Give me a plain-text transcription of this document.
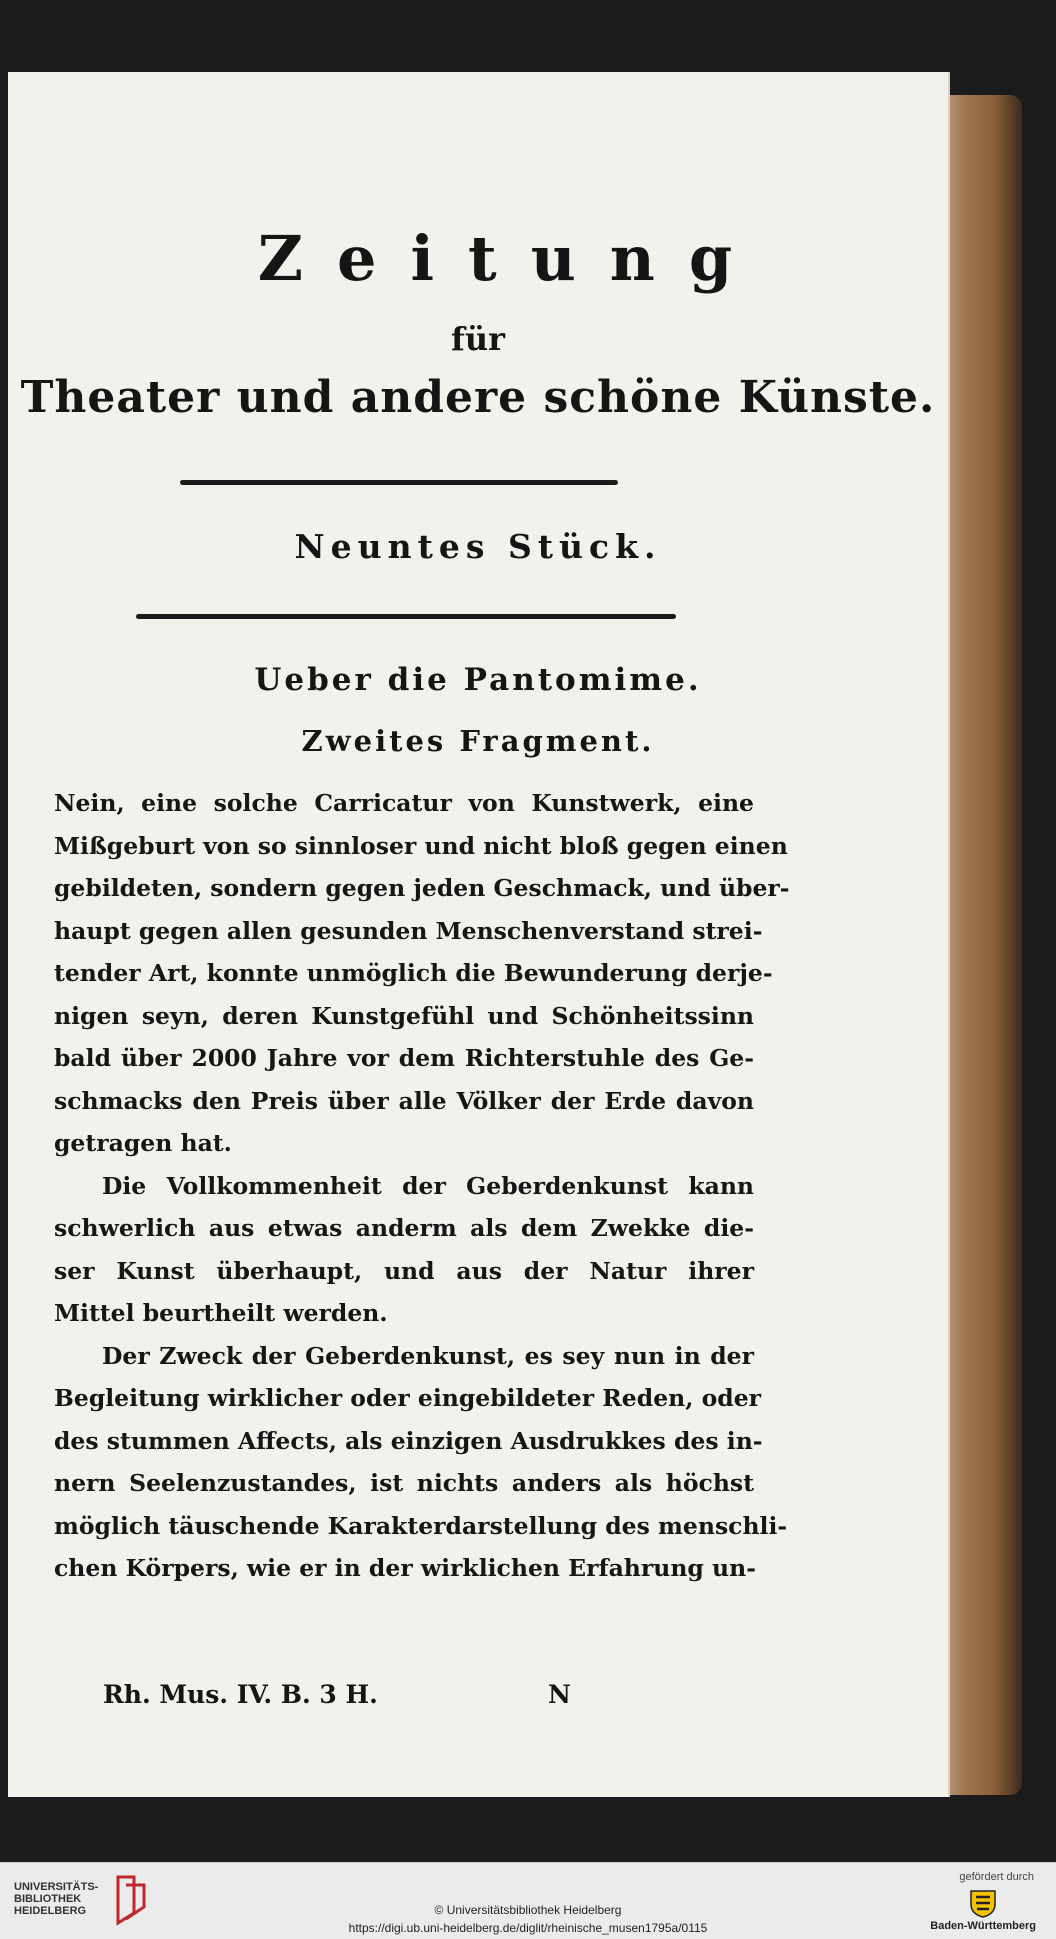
Zeitung
für
Theater und andere schöne Künste.
Neuntes Stück.
Ueber die Pantomime.
Zweites Fragment.
Nein, eine solche Carricatur von Kunstwerk, eine
Mißgeburt von so sinnloser und nicht bloß gegen einen
gebildeten, sondern gegen jeden Geschmack, und über-
haupt gegen allen gesunden Menschenverstand strei-
tender Art, konnte unmöglich die Bewunderung derje-
nigen seyn, deren Kunstgefühl und Schönheitssinn
bald über 2000 Jahre vor dem Richterstuhle des Ge-
schmacks den Preis über alle Völker der Erde davon
getragen hat.
Die Vollkommenheit der Geberdenkunst kann
schwerlich aus etwas anderm als dem Zwekke die-
ser Kunst überhaupt, und aus der Natur ihrer
Mittel beurtheilt werden.
Der Zweck der Geberdenkunst, es sey nun in der
Begleitung wirklicher oder eingebildeter Reden, oder
des stummen Affects, als einzigen Ausdrukkes des in-
nern Seelenzustandes, ist nichts anders als höchst
möglich täuschende Karakterdarstellung des menschli-
chen Körpers, wie er in der wirklichen Erfahrung un-
Rh. Mus. IV. B. 3 H.	N
UNIVERSITÄTS-
BIBLIOTHEK
HEIDELBERG	© Universitätsbibliothek Heidelberg
https://digi.ub.uni-heidelberg.de/diglit/rheinische_musen1795a/0115
gefördert durch
Baden-Württemberg
